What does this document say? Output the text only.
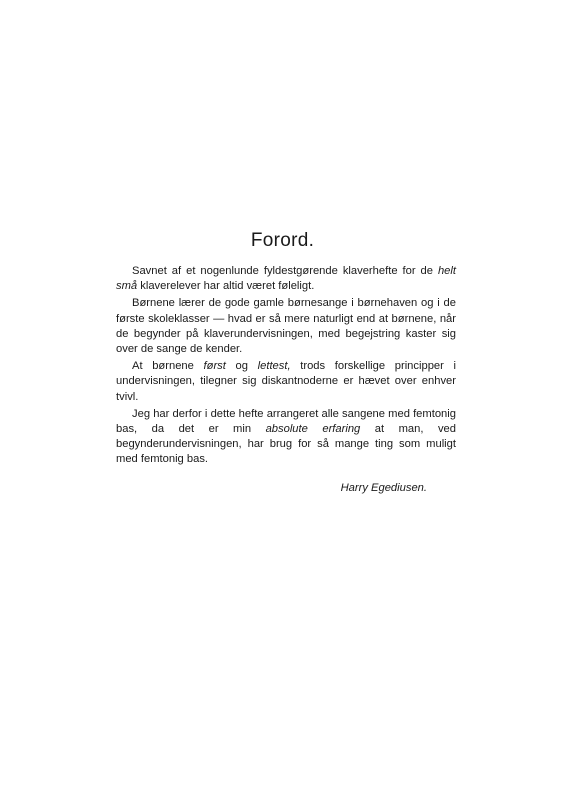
Forord.

Savnet af et nogenlunde fyldestgørende klaverhefte for de helt små klaverelever har altid været føleligt.

Børnene lærer de gode gamle børnesange i børnehaven og i de første skoleklasser — hvad er så mere naturligt end at børnene, når de begynder på klaverundervisningen, med begejstring kaster sig over de sange de kender.

At børnene først og lettest, trods forskellige principper i undervisningen, tilegner sig diskantnoderne er hævet over enhver tvivl.

Jeg har derfor i dette hefte arrangeret alle sangene med femtonig bas, da det er min absolute erfaring at man, ved begynderundervisningen, har brug for så mange ting som muligt med femtonig bas.

Harry Egediusen.
